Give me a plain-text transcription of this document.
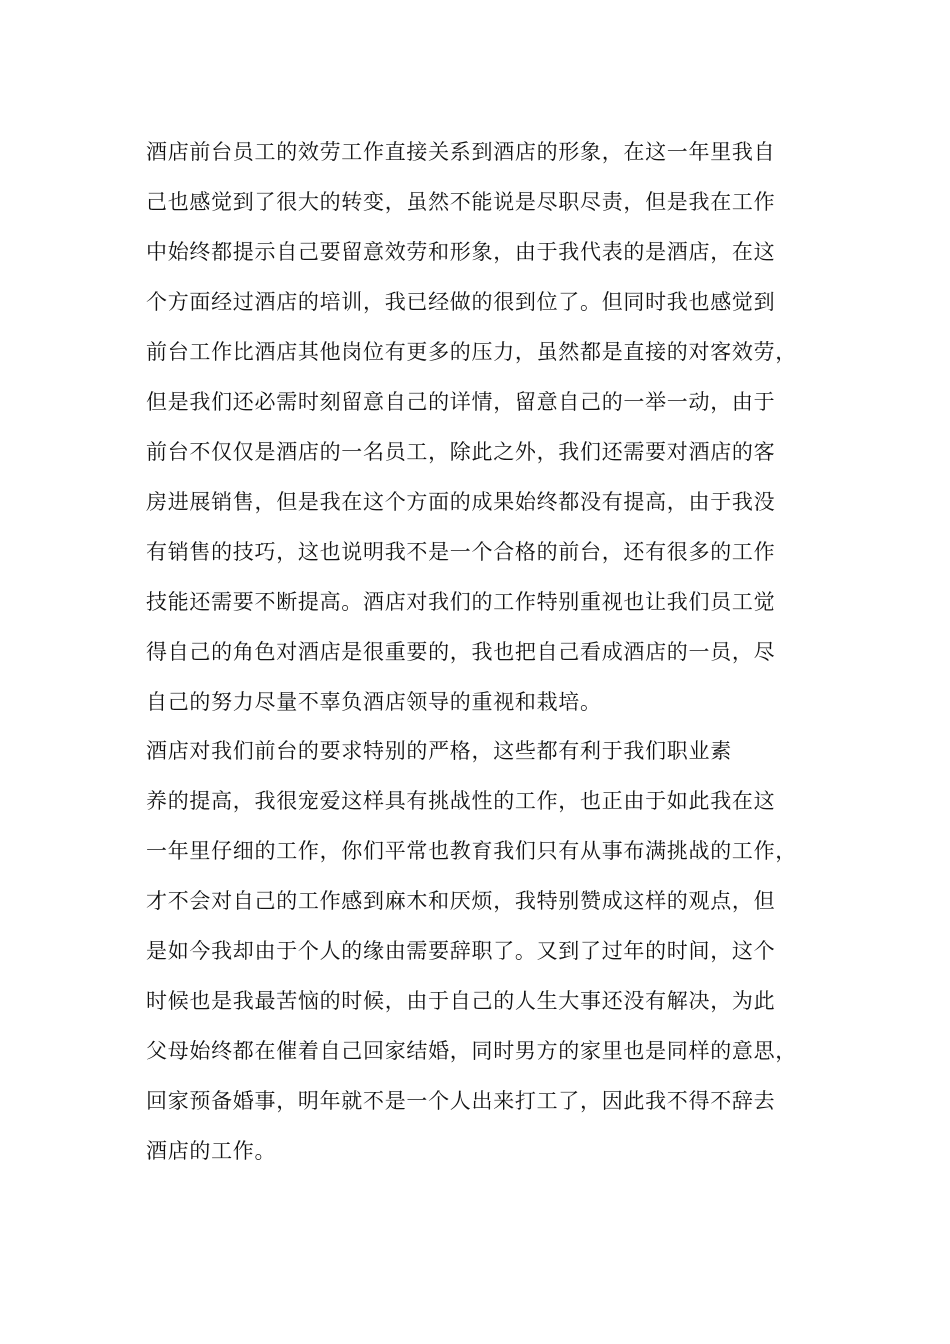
酒店前台员工的效劳工作直接关系到酒店的形象，在这一年里我自
己也感觉到了很大的转变，虽然不能说是尽职尽责，但是我在工作
中始终都提示自己要留意效劳和形象，由于我代表的是酒店，在这
个方面经过酒店的培训，我已经做的很到位了。但同时我也感觉到
前台工作比酒店其他岗位有更多的压力，虽然都是直接的对客效劳，
但是我们还必需时刻留意自己的详情，留意自己的一举一动，由于
前台不仅仅是酒店的一名员工，除此之外，我们还需要对酒店的客
房进展销售，但是我在这个方面的成果始终都没有提高，由于我没
有销售的技巧，这也说明我不是一个合格的前台，还有很多的工作
技能还需要不断提高。酒店对我们的工作特别重视也让我们员工觉
得自己的角色对酒店是很重要的，我也把自己看成酒店的一员，尽
自己的努力尽量不辜负酒店领导的重视和栽培。
酒店对我们前台的要求特别的严格，这些都有利于我们职业素
养的提高，我很宠爱这样具有挑战性的工作，也正由于如此我在这
一年里仔细的工作，你们平常也教育我们只有从事布满挑战的工作，
才不会对自己的工作感到麻木和厌烦，我特别赞成这样的观点，但
是如今我却由于个人的缘由需要辞职了。又到了过年的时间，这个
时候也是我最苦恼的时候，由于自己的人生大事还没有解决，为此
父母始终都在催着自己回家结婚，同时男方的家里也是同样的意思，
回家预备婚事，明年就不是一个人出来打工了，因此我不得不辞去
酒店的工作。
